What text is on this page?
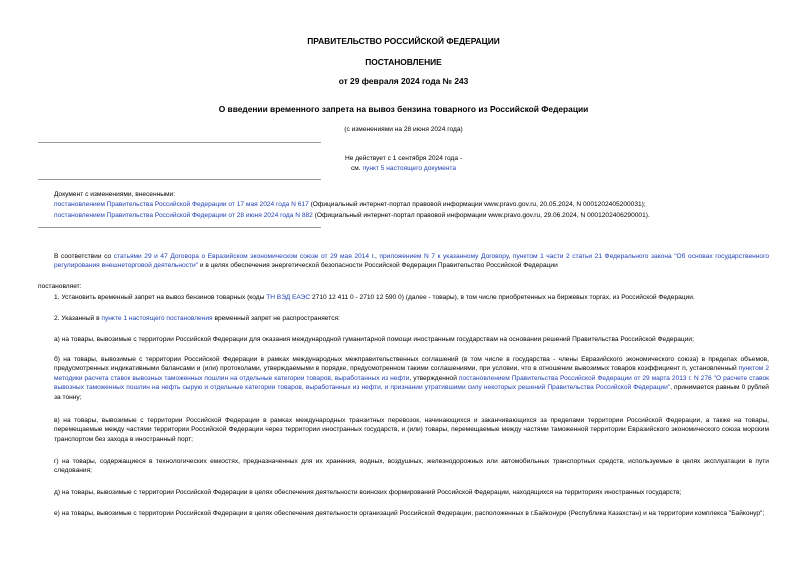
ПРАВИТЕЛЬСТВО РОССИЙСКОЙ ФЕДЕРАЦИИ
ПОСТАНОВЛЕНИЕ
от 29 февраля 2024 года № 243
О введении временного запрета на вывоз бензина товарного из Российской Федерации
(с изменениями на 28 июня 2024 года)
Не действует с 1 сентября 2024 года -
см. пункт 5 настоящего документа
Документ с изменениями, внесенными:
постановлением Правительства Российской Федерации от 17 мая 2024 года N 617 (Официальный интернет-портал правовой информации www.pravo.gov.ru, 20.05.2024, N 0001202405200031);
постановлением Правительства Российской Федерации от 28 июня 2024 года N 882 (Официальный интернет-портал правовой информации www.pravo.gov.ru, 29.06.2024, N 0001202406290001).
В соответствии со статьями 29 и 47 Договора о Евразийском экономическом союзе от 29 мая 2014 г., приложением N 7 к указанному Договору, пунктом 1 части 2 статьи 21 Федерального закона "Об основах государственного регулирования внешнеторговой деятельности" и в целях обеспечения энергетической безопасности Российской Федерации Правительство Российской Федерации
постановляет:
1. Установить временный запрет на вывоз бензинов товарных (коды ТН ВЭД ЕАЭС 2710 12 411 0 - 2710 12 590 0) (далее - товары), в том числе приобретенных на биржевых торгах, из Российской Федерации.
2. Указанный в пункте 1 настоящего постановления временный запрет не распространяется:
а) на товары, вывозимые с территории Российской Федерации для оказания международной гуманитарной помощи иностранным государствам на основании решений Правительства Российской Федерации;
б) на товары, вывозимые с территории Российской Федерации в рамках международных межправительственных соглашений (в том числе в государства - члены Евразийского экономического союза) в пределах объемов, предусмотренных индикативными балансами и (или) протоколами, утверждаемыми в порядке, предусмотренном такими соглашениями, при условии, что в отношении вывозимых товаров коэффициент n, установленный пунктом 2 методики расчета ставок вывозных таможенных пошлин на отдельные категории товаров, выработанных из нефти, утвержденной постановлением Правительства Российской Федерации от 29 марта 2013 г. N 276 "О расчете ставок вывозных таможенных пошлин на нефть сырую и отдельные категории товаров, выработанных из нефти, и признании утратившими силу некоторых решений Правительства Российской Федерации", принимается равным 0 рублей за тонну;
в) на товары, вывозимые с территории Российской Федерации в рамках международных транзитных перевозок, начинающихся и заканчивающихся за пределами территории Российской Федерации, а также на товары, перемещаемые между частями территории Российской Федерации через территории иностранных государств, и (или) товары, перемещаемые между частями таможенной территории Евразийского экономического союза морским транспортом без захода в иностранный порт;
г) на товары, содержащиеся в технологических емкостях, предназначенных для их хранения, водных, воздушных, железнодорожных или автомобильных транспортных средств, используемые в целях эксплуатации в пути следования;
д) на товары, вывозимые с территории Российской Федерации в целях обеспечения деятельности воинских формирований Российской Федерации, находящихся на территориях иностранных государств;
е) на товары, вывозимые с территории Российской Федерации в целях обеспечения деятельности организаций Российской Федерации, расположенных в г.Байконуре (Республика Казахстан) и на территории комплекса "Байконур";
